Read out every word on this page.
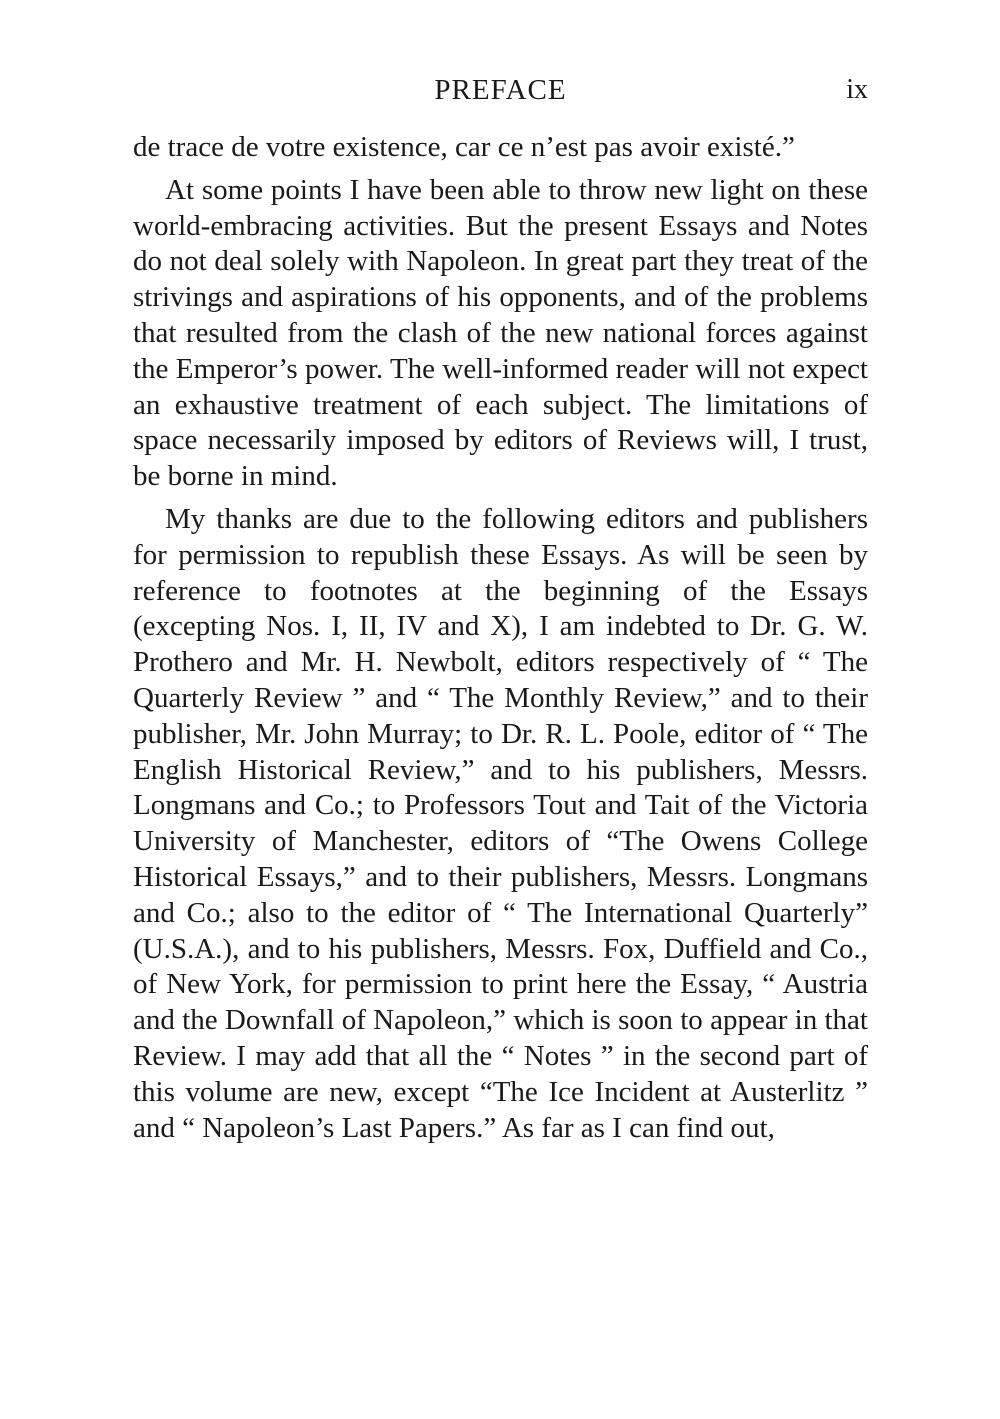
PREFACE	ix

de trace de votre existence, car ce n’est pas avoir existé.”

At some points I have been able to throw new light on these world-embracing activities. But the present Essays and Notes do not deal solely with Napoleon. In great part they treat of the strivings and aspirations of his opponents, and of the problems that resulted from the clash of the new national forces against the Emperor’s power. The well-informed reader will not expect an exhaustive treatment of each subject. The limitations of space necessarily imposed by editors of Reviews will, I trust, be borne in mind.

My thanks are due to the following editors and publishers for permission to republish these Essays. As will be seen by reference to footnotes at the beginning of the Essays (excepting Nos. I, II, IV and X), I am indebted to Dr. G. W. Prothero and Mr. H. Newbolt, editors respectively of “ The Quarterly Review ” and “ The Monthly Review,” and to their publisher, Mr. John Murray; to Dr. R. L. Poole, editor of “ The English Historical Review,” and to his publishers, Messrs. Longmans and Co.; to Professors Tout and Tait of the Victoria University of Manchester, editors of “The Owens College Historical Essays,” and to their publishers, Messrs. Longmans and Co.; also to the editor of “ The International Quarterly” (U.S.A.), and to his publishers, Messrs. Fox, Duffield and Co., of New York, for permission to print here the Essay, “ Austria and the Downfall of Napoleon,” which is soon to appear in that Review. I may add that all the “ Notes ” in the second part of this volume are new, except “The Ice Incident at Austerlitz ” and “ Napoleon’s Last Papers.” As far as I can find out,
